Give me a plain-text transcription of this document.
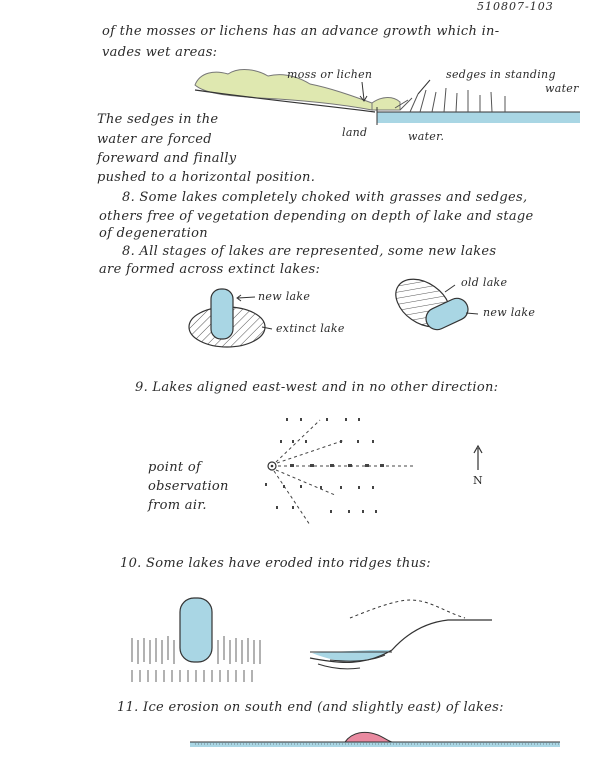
510807-103
of the mosses or lichens has an advance growth which in-
vades wet areas:
moss or lichen	sedges in standing
water
land	water.
The sedges in the
water are forced
foreward and finally
pushed to a horizontal position.
8. Some lakes completely choked with grasses and sedges,
others free of vegetation depending on depth of lake and stage
of degeneration
8. All stages of lakes are represented, some new lakes
are formed across extinct lakes:
new lake
extinct lake
old lake
new lake
9. Lakes aligned east-west and in no other direction:
point of
observation
from air.
N
10. Some lakes have eroded into ridges thus:
11. Ice erosion on south end (and slightly east) of lakes:
